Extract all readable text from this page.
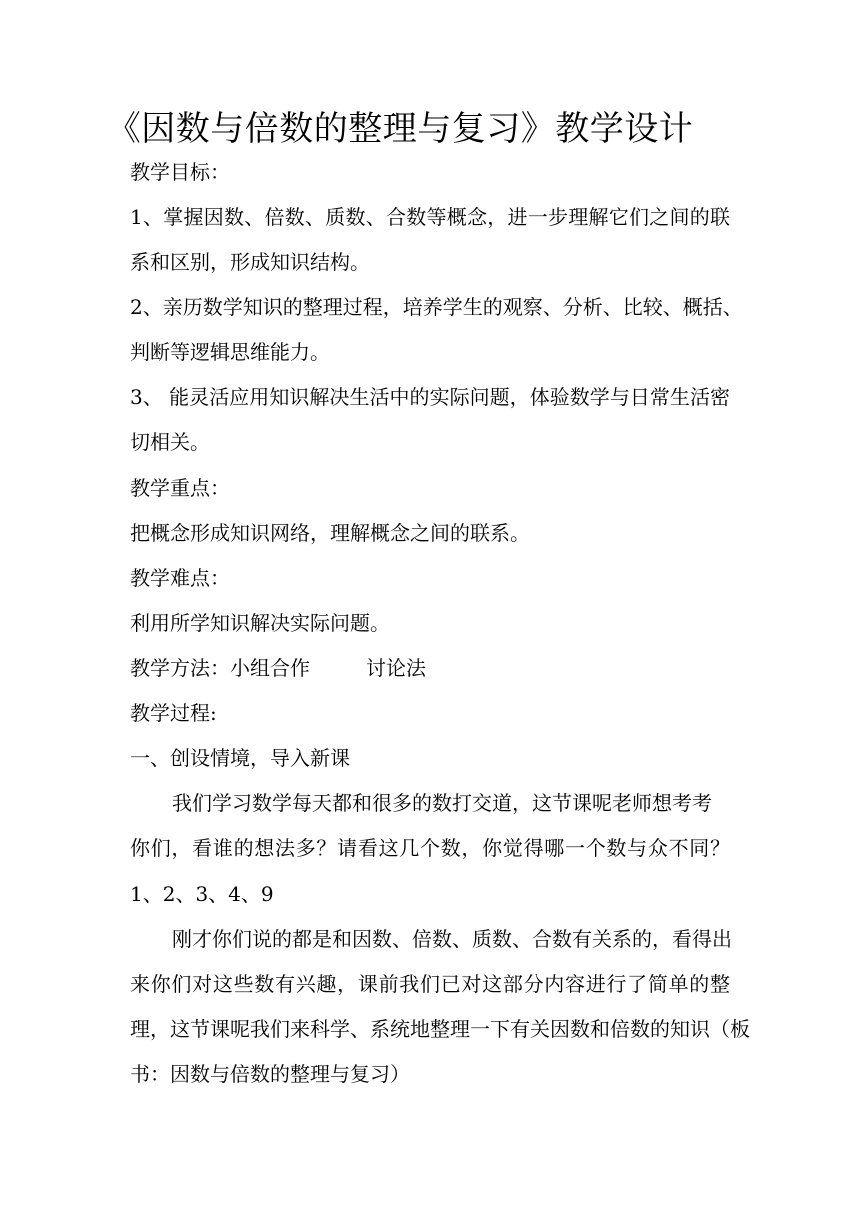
《因数与倍数的整理与复习》教学设计
教学目标：
1、掌握因数、倍数、质数、合数等概念，进一步理解它们之间的联
系和区别，形成知识结构。
2、亲历数学知识的整理过程，培养学生的观察、分析、比较、概括、
判断等逻辑思维能力。
3、 能灵活应用知识解决生活中的实际问题，体验数学与日常生活密
切相关。
教学重点：
把概念形成知识网络，理解概念之间的联系。
教学难点：
利用所学知识解决实际问题。
教学方法：小组合作	讨论法
教学过程:
一、创设情境，导入新课
我们学习数学每天都和很多的数打交道，这节课呢老师想考考
你们，看谁的想法多？请看这几个数，你觉得哪一个数与众不同？
1、2、3、4、9
刚才你们说的都是和因数、倍数、质数、合数有关系的，看得出
来你们对这些数有兴趣，课前我们已对这部分内容进行了简单的整
理，这节课呢我们来科学、系统地整理一下有关因数和倍数的知识（板
书：因数与倍数的整理与复习）
